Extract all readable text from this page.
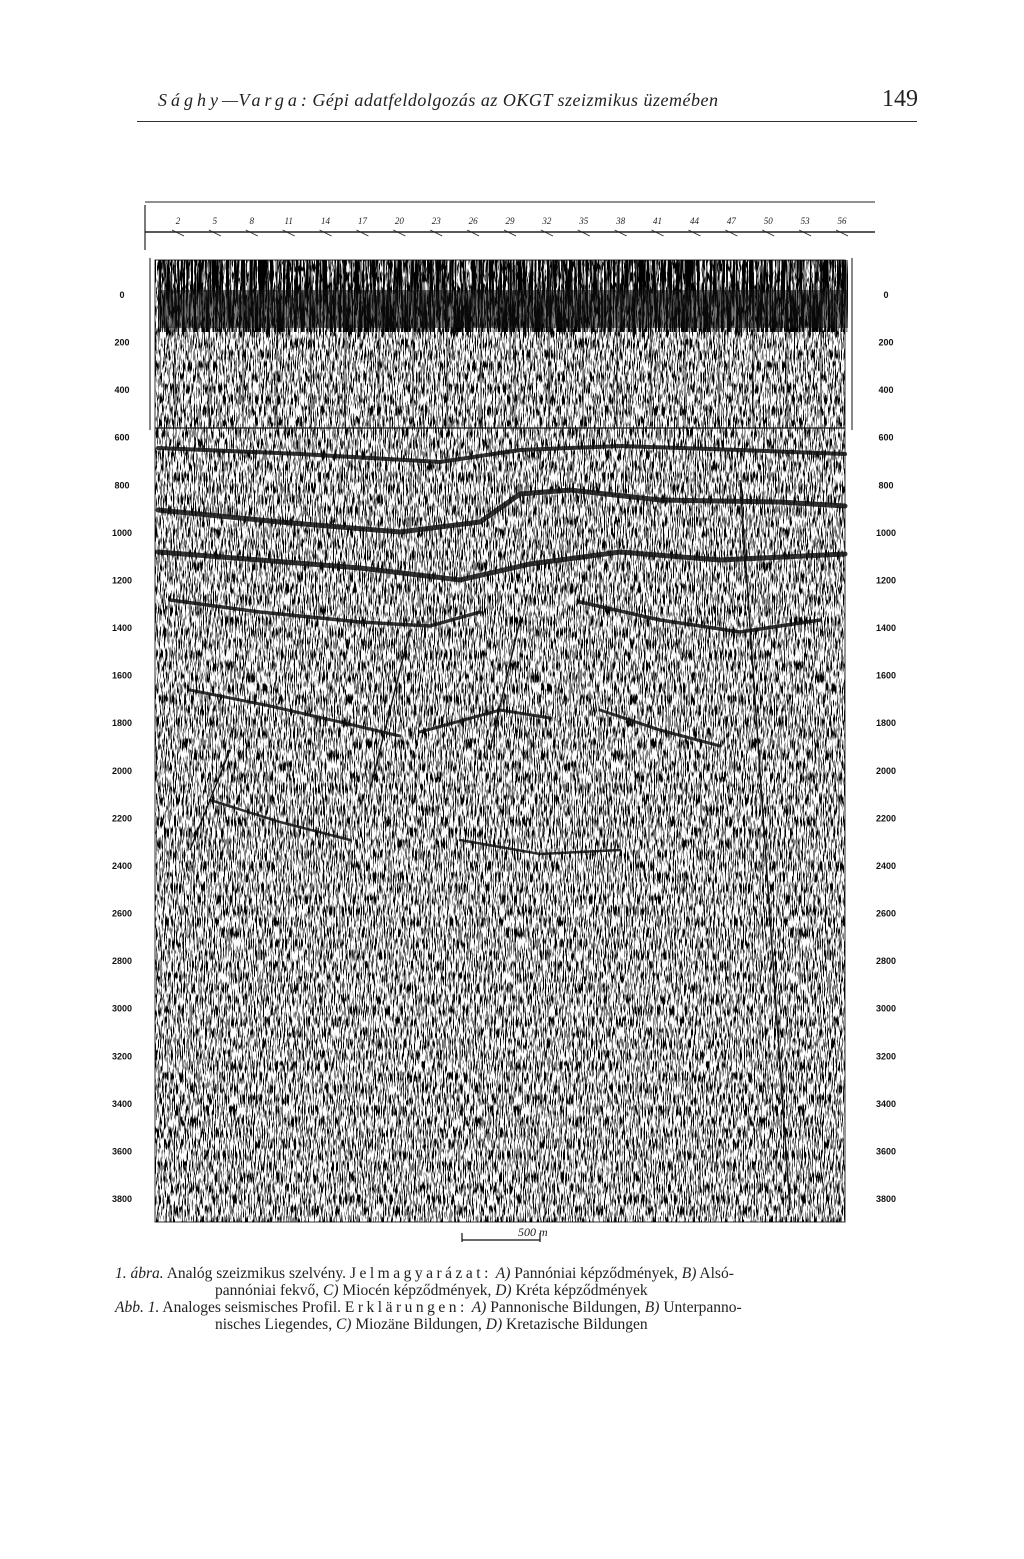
Sághy—Varga: Gépi adatfeldolgozás az OKGT szeizmikus üzemében	149
2	5	8	11	14	17	20	23	26	29	32	35	38	41	44	47	50	53	56
0
200
400
600
800
1000
1200
1400
1600
1800
2000
2200
2400
2600
2800
3000
3200
3400
3600
3800
0
200
400
600
800
1000
1200
1400
1600
1800
2000
2200
2400
2600
2800
3000
3200
3400
3600
3800
500 m

1. ábra. Analóg szeizmikus szelvény. Jelmagyarázat: A) Pannóniai képződmények, B) Alsó-

pannóniai fekvő, C) Miocén képződmények, D) Kréta képződmények

Abb. 1. Analoges seismisches Profil. Erklärungen: A) Pannonische Bildungen, B) Unterpanno-

nisches Liegendes, C) Miozäne Bildungen, D) Kretazische Bildungen
